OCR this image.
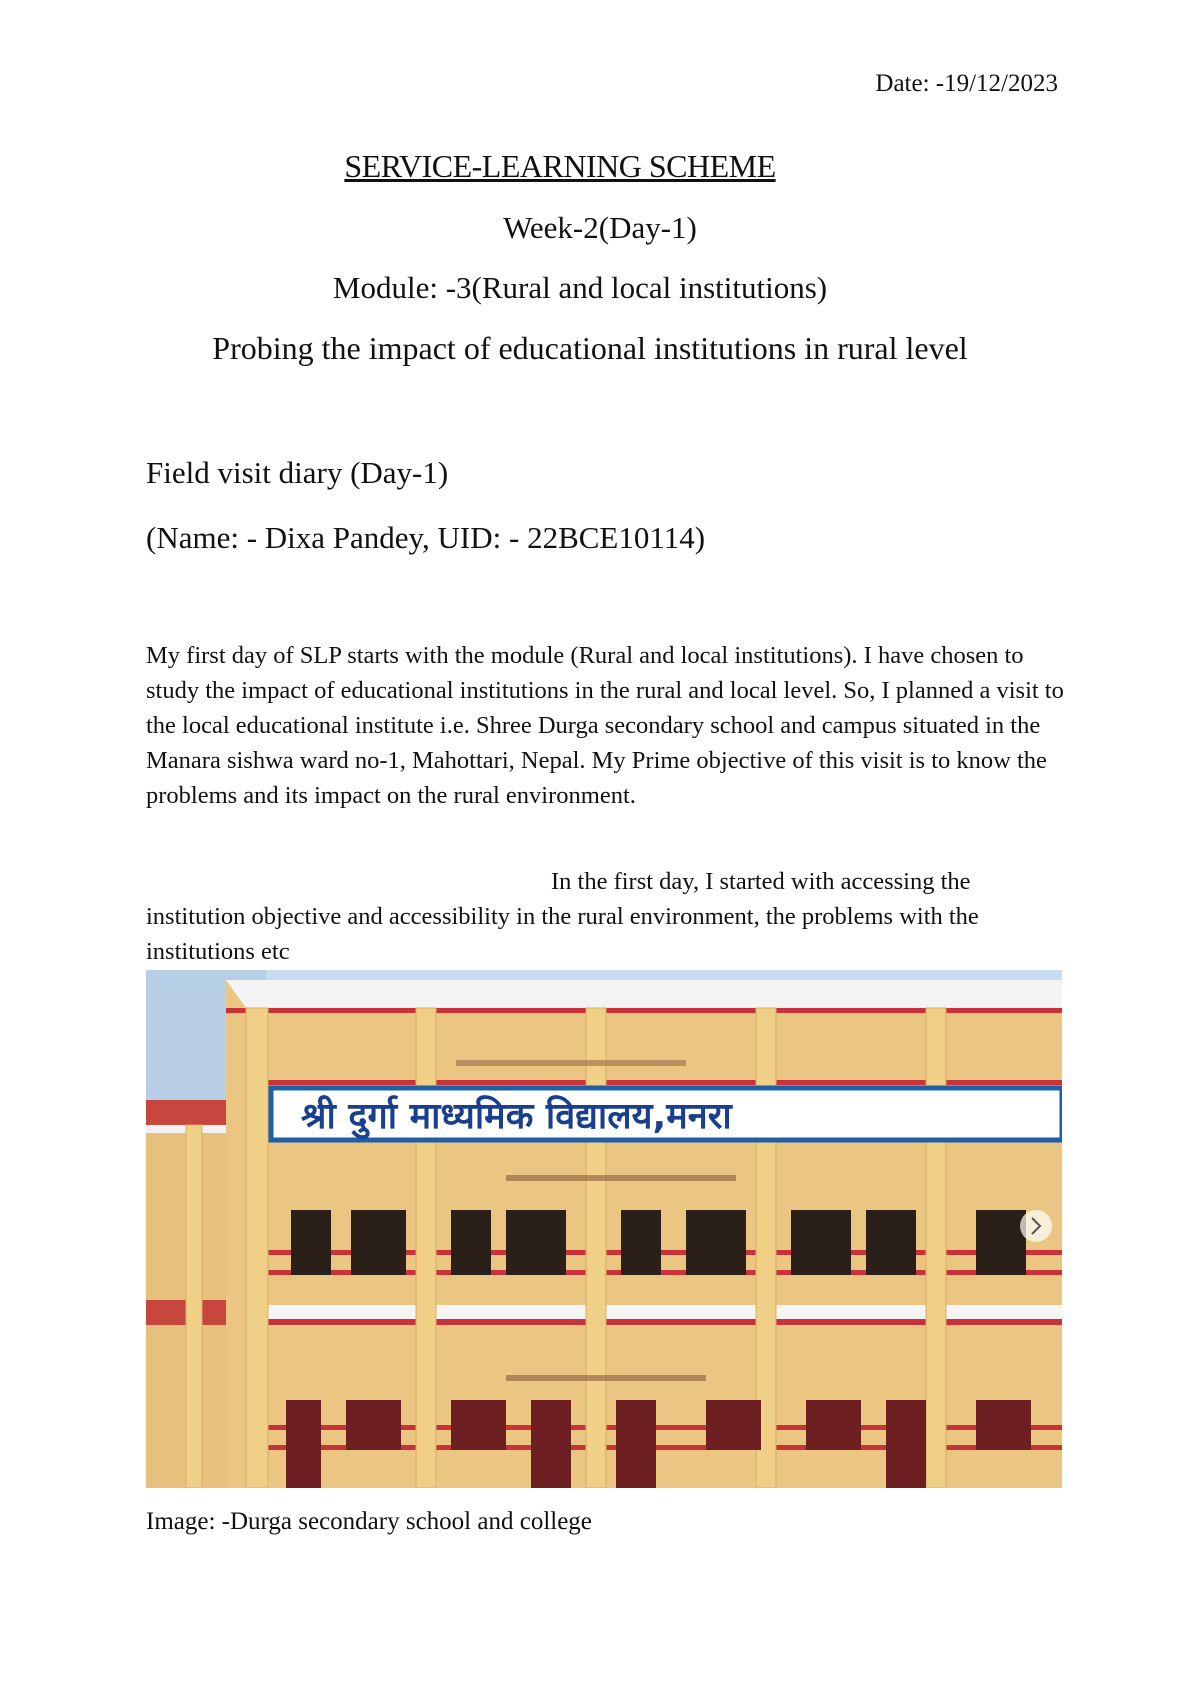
Date: -19/12/2023
SERVICE-LEARNING SCHEME
Week-2(Day-1)
Module: -3(Rural and local institutions)
Probing the impact of educational institutions in rural level
Field visit diary (Day-1)
(Name: - Dixa Pandey, UID: - 22BCE10114)
My first day of SLP starts with the module (Rural and local institutions). I have chosen to study the impact of educational institutions in the rural and local level. So, I planned a visit to the local educational institute i.e. Shree Durga secondary school and campus situated in the Manara sishwa ward no-1, Mahottari, Nepal. My Prime objective of this visit is to know the problems and its impact on the rural environment.
In the first day, I started with accessing the institution objective and accessibility in the rural environment, the problems with the institutions etc
श्री दुर्गा माध्यमिक विद्यालय,मनरा
Image: -Durga secondary school and college
